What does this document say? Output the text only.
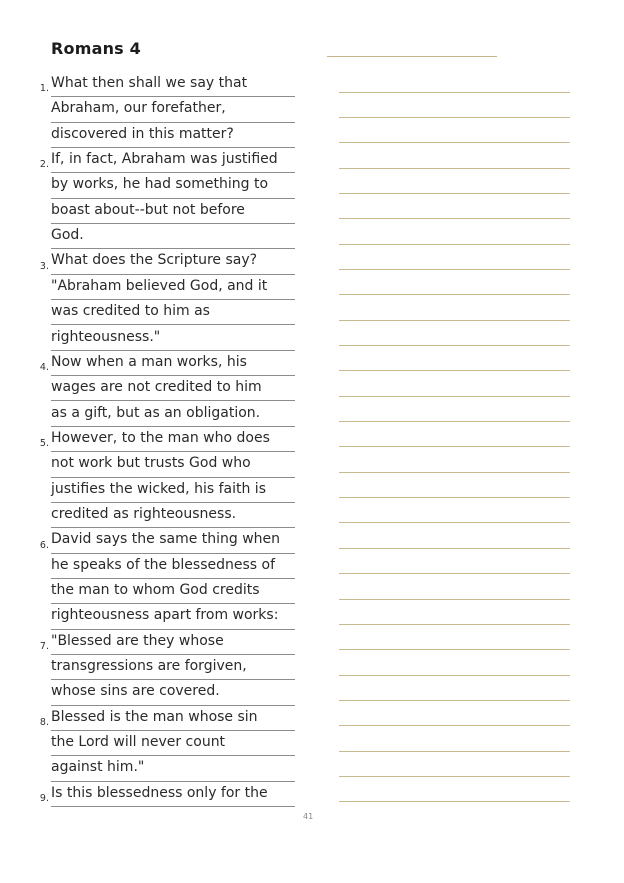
Romans 4
1. What then shall we say that
Abraham, our forefather,
discovered in this matter?
2. If, in fact, Abraham was justified
by works, he had something to
boast about--but not before
God.
3. What does the Scripture say?
"Abraham believed God, and it
was credited to him as
righteousness."
4. Now when a man works, his
wages are not credited to him
as a gift, but as an obligation.
5. However, to the man who does
not work but trusts God who
justifies the wicked, his faith is
credited as righteousness.
6. David says the same thing when
he speaks of the blessedness of
the man to whom God credits
righteousness apart from works:
7. "Blessed are they whose
transgressions are forgiven,
whose sins are covered.
8. Blessed is the man whose sin
the Lord will never count
against him."
9. Is this blessedness only for the
41
